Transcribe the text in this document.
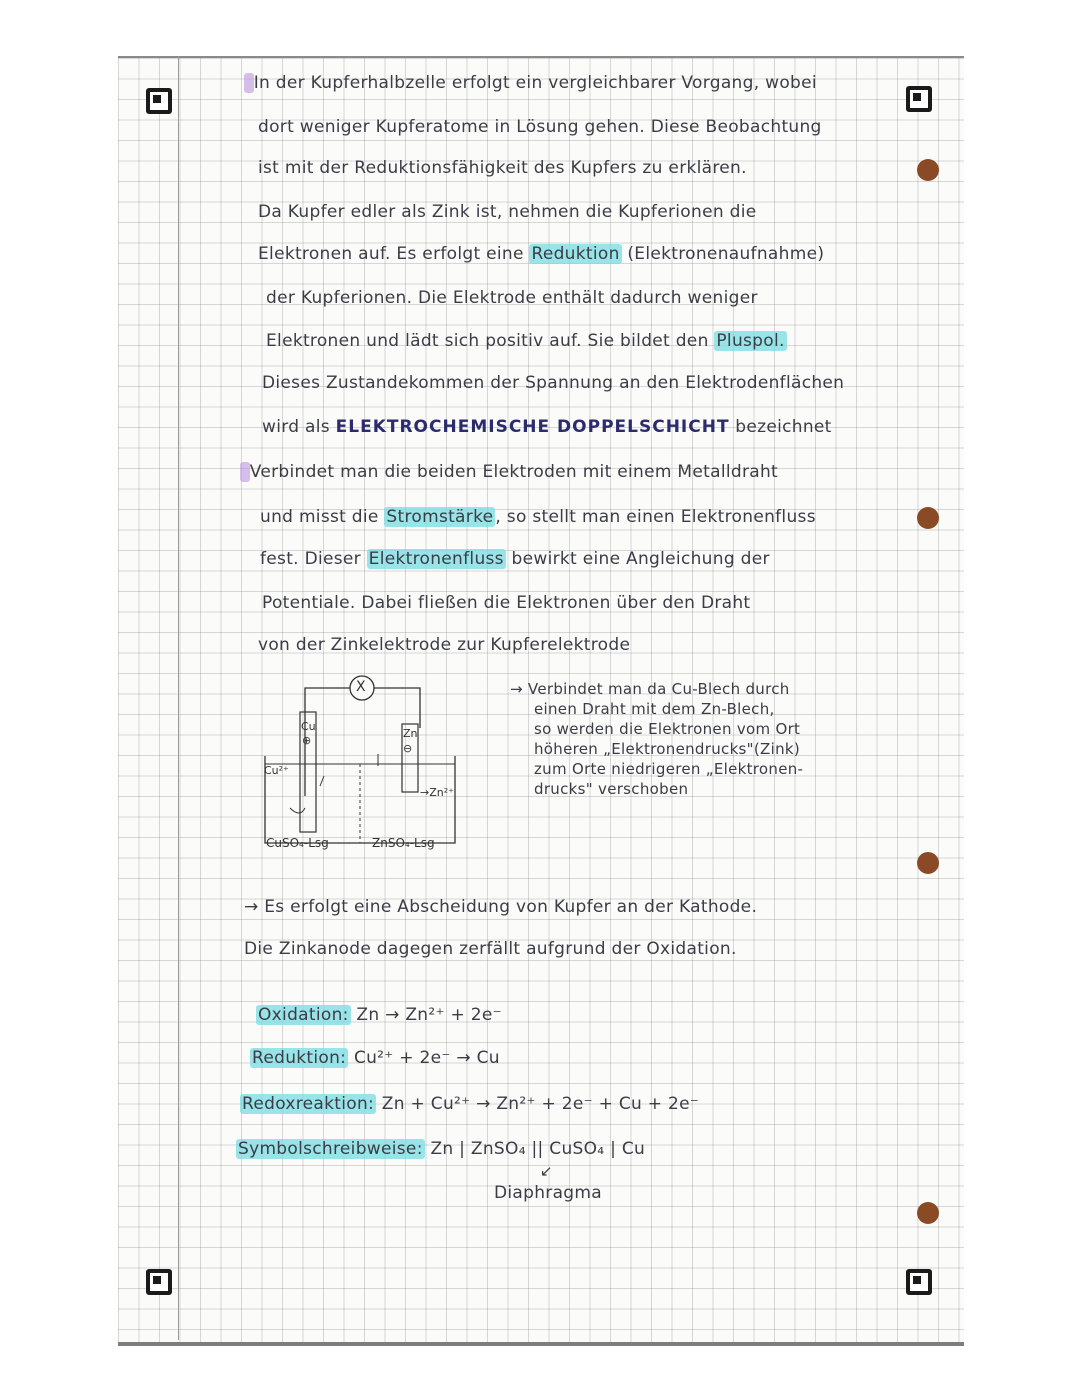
In der Kupferhalbzelle erfolgt ein vergleichbarer Vorgang, wobei
dort weniger Kupferatome in Lösung gehen. Diese Beobachtung
ist mit der Reduktionsfähigkeit des Kupfers zu erklären.
Da Kupfer edler als Zink ist, nehmen die Kupferionen die
Elektronen auf. Es erfolgt eine Reduktion (Elektronenaufnahme)
der Kupferionen. Die Elektrode enthält dadurch weniger
Elektronen und lädt sich positiv auf. Sie bildet den Pluspol.
Dieses Zustandekommen der Spannung an den Elektrodenflächen
wird als ELEKTROCHEMISCHE DOPPELSCHICHT bezeichnet
Verbindet man die beiden Elektroden mit einem Metalldraht
und misst die Stromstärke , so stellt man einen Elektronenfluss
fest. Dieser Elektronenfluss bewirkt eine Angleichung der
Potentiale. Dabei fließen die Elektronen über den Draht
von der Zinkelektrode zur Kupferelektrode
X
Cu
⊕
Zn
⊖
Cu²⁺
→Zn²⁺
CuSO₄-Lsg	ZnSO₄-Lsg
→ Verbindet man da Cu-Blech durch
einen Draht mit dem Zn-Blech,
so werden die Elektronen vom Ort
höheren „Elektronendrucks"(Zink)
zum Orte niedrigeren „Elektronen-
drucks" verschoben
→ Es erfolgt eine Abscheidung von Kupfer an der Kathode.
Die Zinkanode dagegen zerfällt aufgrund der Oxidation.
Oxidation: Zn → Zn²⁺ + 2e⁻
Reduktion: Cu²⁺ + 2e⁻ → Cu
Redoxreaktion: Zn + Cu²⁺ → Zn²⁺ + 2e⁻ + Cu + 2e⁻
Symbolschreibweise: Zn | ZnSO₄ || CuSO₄ | Cu
↙
Diaphragma
